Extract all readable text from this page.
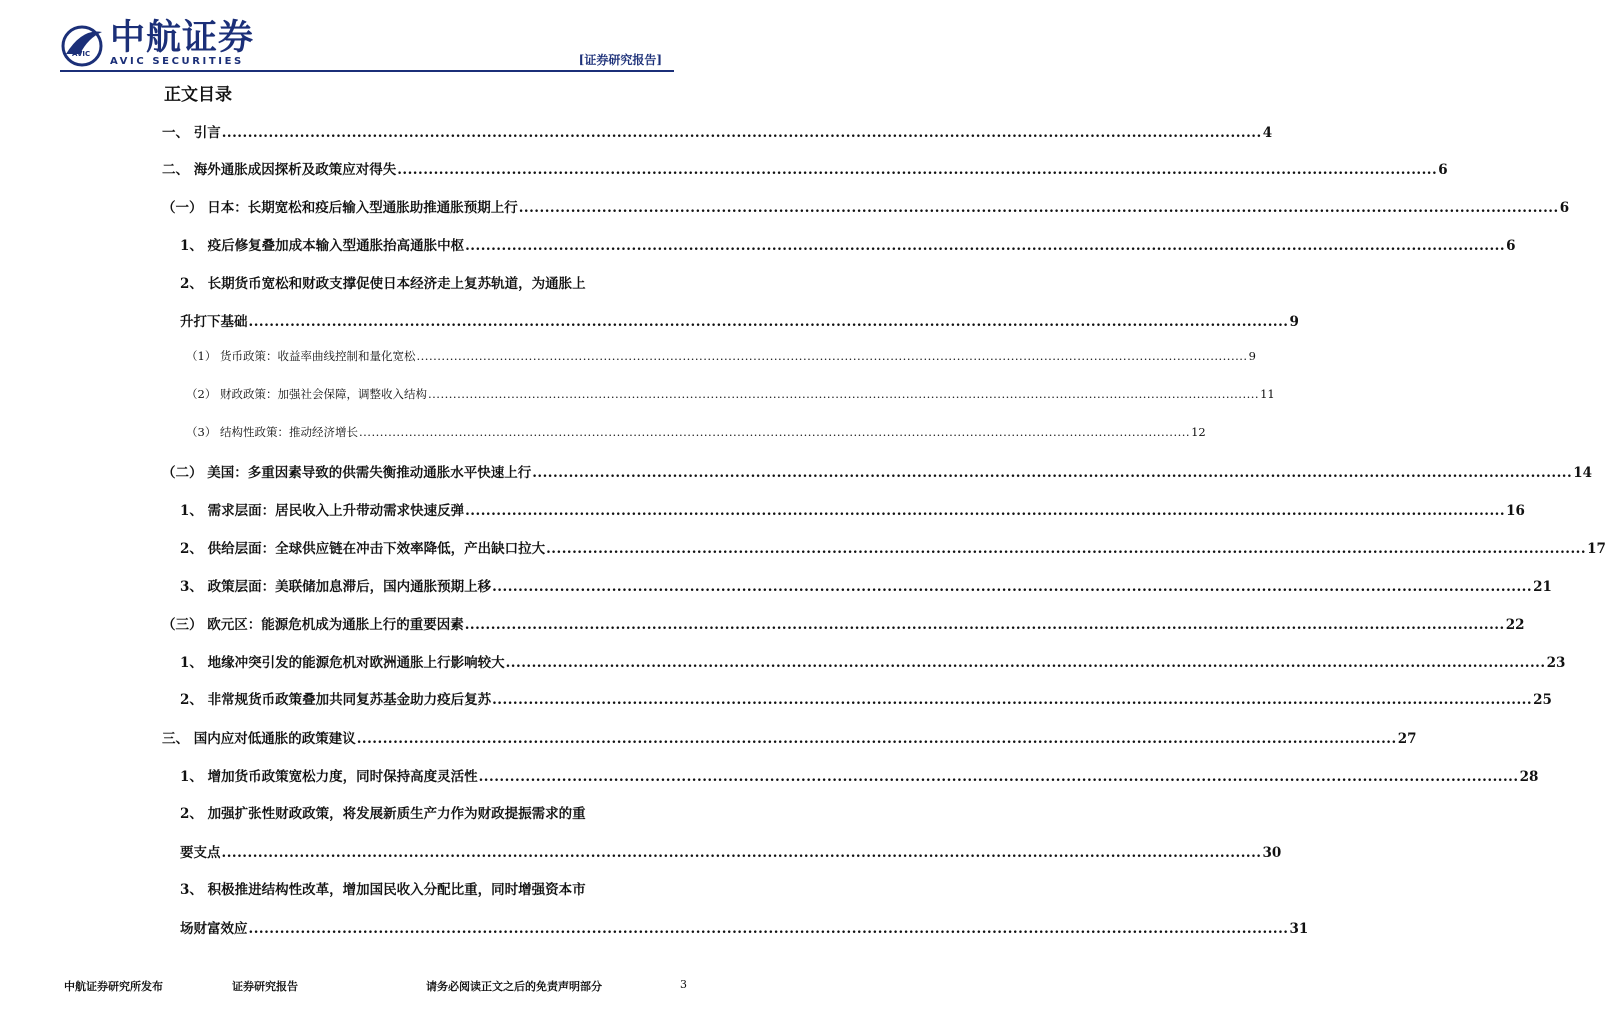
AVIC 中航证券
AVIC SECURITIES	[证券研究报告]
正文目录
一、 引言 ........................................................................................................................................................................................................ 4
二、 海外通胀成因探析及政策应对得失 ........................................................................................................................................................................................................ 6
（一） 日本：长期宽松和疫后输入型通胀助推通胀预期上行 ........................................................................................................................................................................................................ 6
1、 疫后修复叠加成本输入型通胀抬高通胀中枢 ........................................................................................................................................................................................................ 6
2、 长期货币宽松和财政支撑促使日本经济走上复苏轨道，为通胀上
升打下基础 ........................................................................................................................................................................................................ 9
（1） 货币政策：收益率曲线控制和量化宽松 ........................................................................................................................................................................................................ 9
（2） 财政政策：加强社会保障，调整收入结构 ........................................................................................................................................................................................................ 11
（3） 结构性政策：推动经济增长 ........................................................................................................................................................................................................ 12
（二） 美国：多重因素导致的供需失衡推动通胀水平快速上行 ........................................................................................................................................................................................................ 14
1、 需求层面：居民收入上升带动需求快速反弹 ........................................................................................................................................................................................................ 16
2、 供给层面：全球供应链在冲击下效率降低，产出缺口拉大 ........................................................................................................................................................................................................ 17
3、 政策层面：美联储加息滞后，国内通胀预期上移 ........................................................................................................................................................................................................ 21
（三） 欧元区：能源危机成为通胀上行的重要因素 ........................................................................................................................................................................................................ 22
1、 地缘冲突引发的能源危机对欧洲通胀上行影响较大 ........................................................................................................................................................................................................ 23
2、 非常规货币政策叠加共同复苏基金助力疫后复苏 ........................................................................................................................................................................................................ 25
三、 国内应对低通胀的政策建议 ........................................................................................................................................................................................................ 27
1、 增加货币政策宽松力度，同时保持高度灵活性 ........................................................................................................................................................................................................ 28
2、 加强扩张性财政政策，将发展新质生产力作为财政提振需求的重
要支点 ........................................................................................................................................................................................................ 30
3、 积极推进结构性改革，增加国民收入分配比重，同时增强资本市
场财富效应 ........................................................................................................................................................................................................ 31
中航证券研究所发布	证券研究报告	请务必阅读正文之后的免责声明部分	3
